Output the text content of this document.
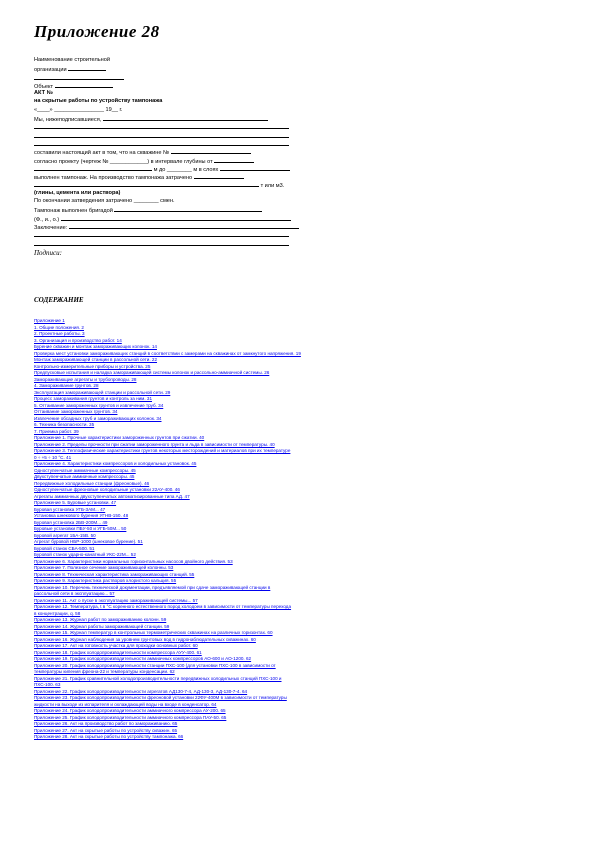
Приложение 28
Наименование строительной
организации
Объект
АКТ №
на скрытые работы по устройству тампонажа
«____» ________________ 19__ г.
Мы, нижеподписавшиеся,
составили настоящий акт в том, что на скважине №
согласно проекту (чертеж № ____________) в интервале глубины от
м до ________ м в слоях
выполнен тампонаж. На производство тампонажа затрачено
т или м3.
(глины, цемента или раствора)
По окончании затвердения затрачено ________ смен.
Тампонаж выполнен бригадой
(Ф., и., о.)
Заключение:
Подписи:
СОДЕРЖАНИЕ
Приложение 1
1. Общие положения. 2
2. Проектные работы. 3
3. Организация и производство работ. 14
Бурение скважин и монтаж замораживающих колонок. 14
Проверка мест установки замораживающих станций в соответствии с замерами на скважинах от замкнутого напряжения. 19
Монтаж замораживающей станции в рассольной сети. 22
Контрольно-измерительные приборы и устройства. 25
Предпусковые испытания и наладка замораживающей системы колонок и рассольно-аммиачной системы. 26
Замораживающие агрегаты и трубопроводы. 28
4. Замораживание грунтов. 28
Эксплуатация замораживающей станции и рассольной сети. 29
Процесс замораживания грунтов и контроль за ним. 31
5. Оттаивание замороженных грунтов и извлечение труб. 34
Оттаивание замороженных грунтов. 34
Извлечение обсадных труб и замораживающих колонок. 34
6. Техника безопасности. 35
7. Приемка работ. 39
Приложение 1. Прочные характеристики замороженных грунтов при сжатии. 40
Приложение 2. Пределы прочности при сжатии замороженного грунта и льда в зависимости от температуры. 40
Приложение 3. Теплофизические характеристики грунтов некоторых месторождений и материалов при их температуре
0 ÷ +5 ÷ 10 °С. 41
Приложение 4. Характеристики компрессоров и холодильных установок. 45
Одноступенчатые аммиачные компрессоры. 45
Двухступенчатые аммиачные компрессоры. 45
Передвижные холодильные станции (фреоновые). 46
Одноступенчатые фреоновые холодильные установки 22АУ-400. 46
Агрегаты аммиачных двухступенчатых автоматизированные типа АД. 47
Приложение 5. Буровые установки. 47
Буровая установка УГБ-3АМ... 47
Установка шнекового бурения УГНВ-150. 48
Буровая установка 2БВ-200М... 49
Буровые установки ПБУ-50 и УГБ-50М... 50
Буровой агрегат 1БА-15В. 50
Агрегат буровой НБР-1000 (шнековое бурение). 51
Буровой станок СБА-500. 51
Буровой станок ударно-канатный УКС-22М... 52
Приложение 6. Характеристики нормальных горизонтальных насосов двойного действия. 53
Приложение 7. Полезное сечение замораживающей колонны. 53
Приложение 8. Техническая характеристика замораживающих станций. 55
Приложение 9. Характеристика растворов хлористого кальция. 55
Приложение 10. Перечень технической документации, предъявляемой при сдаче замораживающей станции в
рассольной сети в эксплуатацию... 57
Приложение 11. Акт о пуске в эксплуатацию замораживающей системы... 57
Приложение 12. Температура, t в °С коренного естественного пород холодоем в зависимости от температуры перехода
в концентрации, q. 58
Приложение 13. Журнал работ по замораживанию колонн. 59
Приложение 14. Журнал работы замораживающей станции. 59
Приложение 15. Журнал температур в контрольных термометрических скважинах на различных горизонтах. 60
Приложение 16. Журнал наблюдения за уровнем грунтовых вод в гидронаблюдательных скважинах. 60
Приложение 17. Акт на готовность участка для проходки основных работ. 60
Приложение 18. График холодопроизводительности компрессора АУУ-400. 61
Приложение 19. График холодопроизводительности аммиачных компрессоров АО-600 и АО-1200. 62
Приложение 20. График холодопроизводительности станции ПХС-100 (для установки ПХС-100 в зависимости от
температуры кипения фреона-22 и температуры конденсации. 62
Приложение 21. График сравнительной холодопроизводительности передвижных холодильных станций ПХС-100 и
ПХС-100. 63
Приложение 22. График холодопроизводительности агрегатов АД130-7-4, АД-130-3, АД-130-7-4. 64
Приложение 23. График холодопроизводительности фреоновой установки 22ФУ-400М в зависимости от температуры
жидкости на выходе из испарителя и охлаждающей воды на входе в конденсатор. 64
Приложение 24. График холодопроизводительности аммиачного компрессора АУ-200. 65
Приложение 25. График холодопроизводительности аммиачного компрессора ПАУ-50. 65
Приложение 26. Акт на производство работ по замораживанию. 65
Приложение 27. Акт на скрытые работы по устройству скважин. 65
Приложение 28. Акт на скрытые работы по устройству тампонажа. 66
